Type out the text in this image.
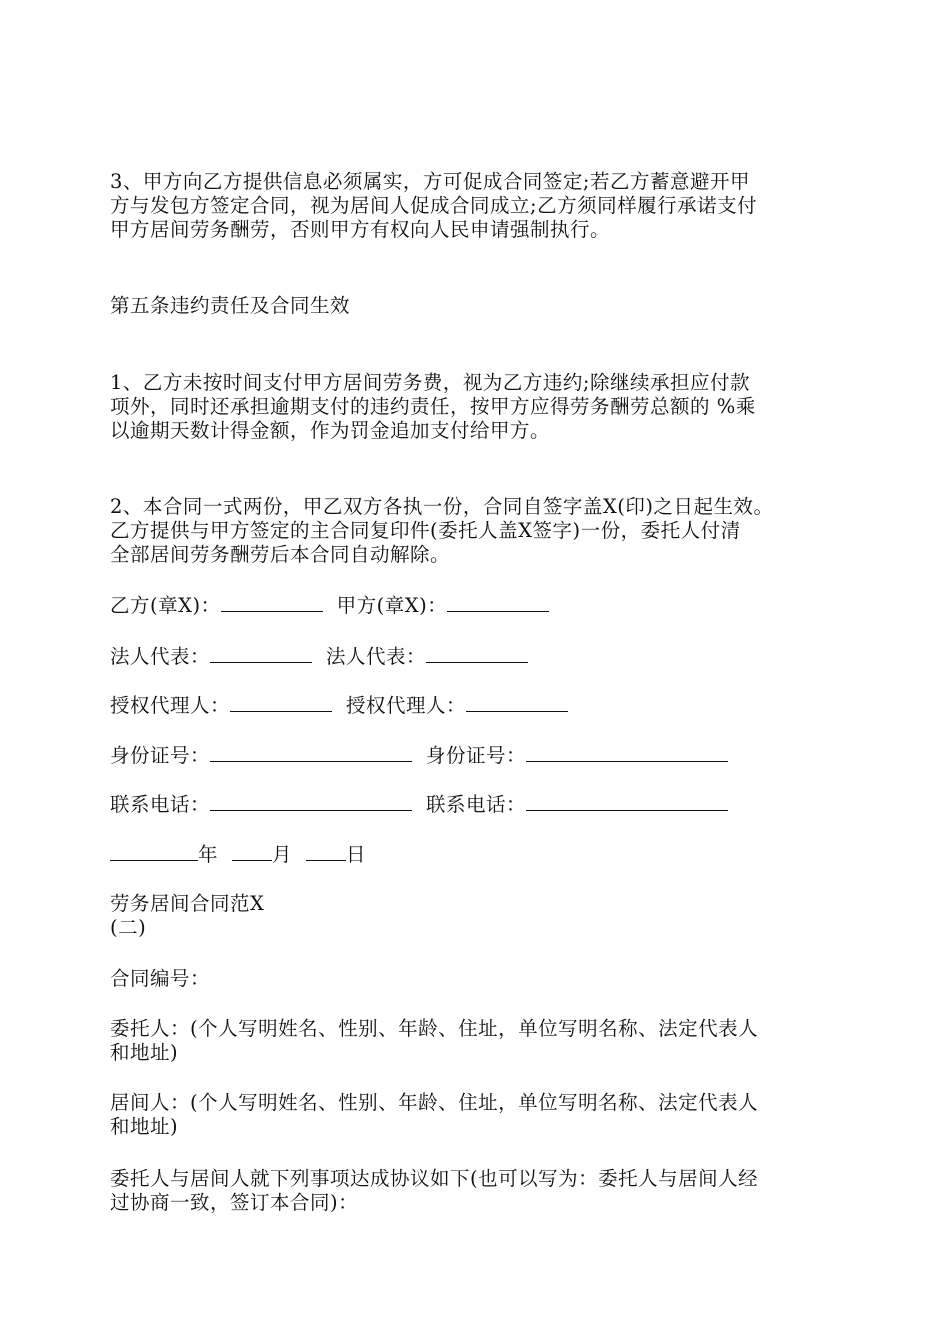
3、甲方向乙方提供信息必须属实，方可促成合同签定;若乙方蓄意避开甲
方与发包方签定合同，视为居间人促成合同成立;乙方须同样履行承诺支付
甲方居间劳务酬劳，否则甲方有权向人民申请强制执行。
第五条违约责任及合同生效
1、乙方未按时间支付甲方居间劳务费，视为乙方违约;除继续承担应付款
项外，同时还承担逾期支付的违约责任，按甲方应得劳务酬劳总额的 %乘
以逾期天数计得金额，作为罚金追加支付给甲方。
2、本合同一式两份，甲乙双方各执一份，合同自签字盖X(印)之日起生效。
乙方提供与甲方签定的主合同复印件(委托人盖X签字)一份，委托人付清
全部居间劳务酬劳后本合同自动解除。
乙方(章X)：	甲方(章X)：
法人代表：	法人代表：
授权代理人：	授权代理人：
身份证号：	身份证号：
联系电话：	联系电话：
年	月	日
劳务居间合同范X
(二)
合同编号：
委托人：(个人写明姓名、性别、年龄、住址，单位写明名称、法定代表人
和地址)
居间人：(个人写明姓名、性别、年龄、住址，单位写明名称、法定代表人
和地址)
委托人与居间人就下列事项达成协议如下(也可以写为：委托人与居间人经
过协商一致，签订本合同)：
